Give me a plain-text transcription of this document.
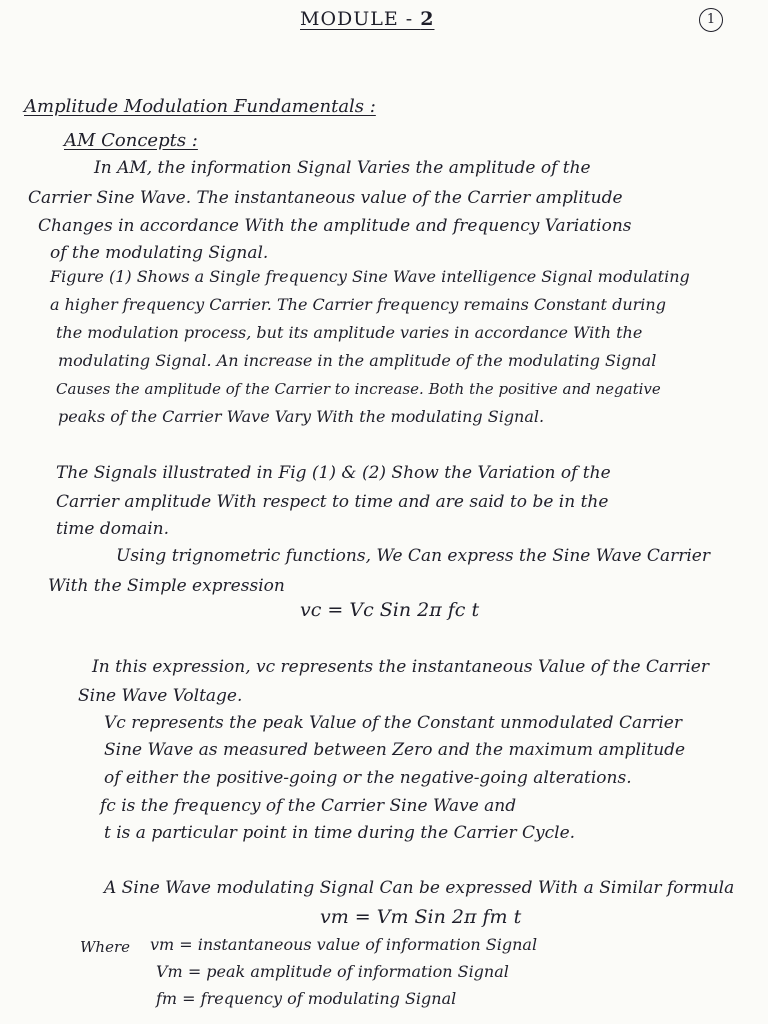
MODULE - 2	1
Amplitude Modulation Fundamentals :
AM Concepts :
In AM, the information Signal Varies the amplitude of the
Carrier Sine Wave. The instantaneous value of the Carrier amplitude
Changes in accordance With the amplitude and frequency Variations
of the modulating Signal.
Figure (1) Shows a Single frequency Sine Wave intelligence Signal modulating
a higher frequency Carrier. The Carrier frequency remains Constant during
the modulation process, but its amplitude varies in accordance With the
modulating Signal. An increase in the amplitude of the modulating Signal
Causes the amplitude of the Carrier to increase. Both the positive and negative
peaks of the Carrier Wave Vary With the modulating Signal.
The Signals illustrated in Fig (1) & (2) Show the Variation of the
Carrier amplitude With respect to time and are said to be in the
time domain.
Using trignometric functions, We Can express the Sine Wave Carrier
With the Simple expression
vc = Vc Sin 2π fc t
In this expression, vc represents the instantaneous Value of the Carrier
Sine Wave Voltage.
Vc represents the peak Value of the Constant unmodulated Carrier
Sine Wave as measured between Zero and the maximum amplitude
of either the positive-going or the negative-going alterations.
fc is the frequency of the Carrier Sine Wave and
t is a particular point in time during the Carrier Cycle.
A Sine Wave modulating Signal Can be expressed With a Similar formula
vm = Vm Sin 2π fm t
Where vm = instantaneous value of information Signal
Vm = peak amplitude of information Signal
fm = frequency of modulating Signal
